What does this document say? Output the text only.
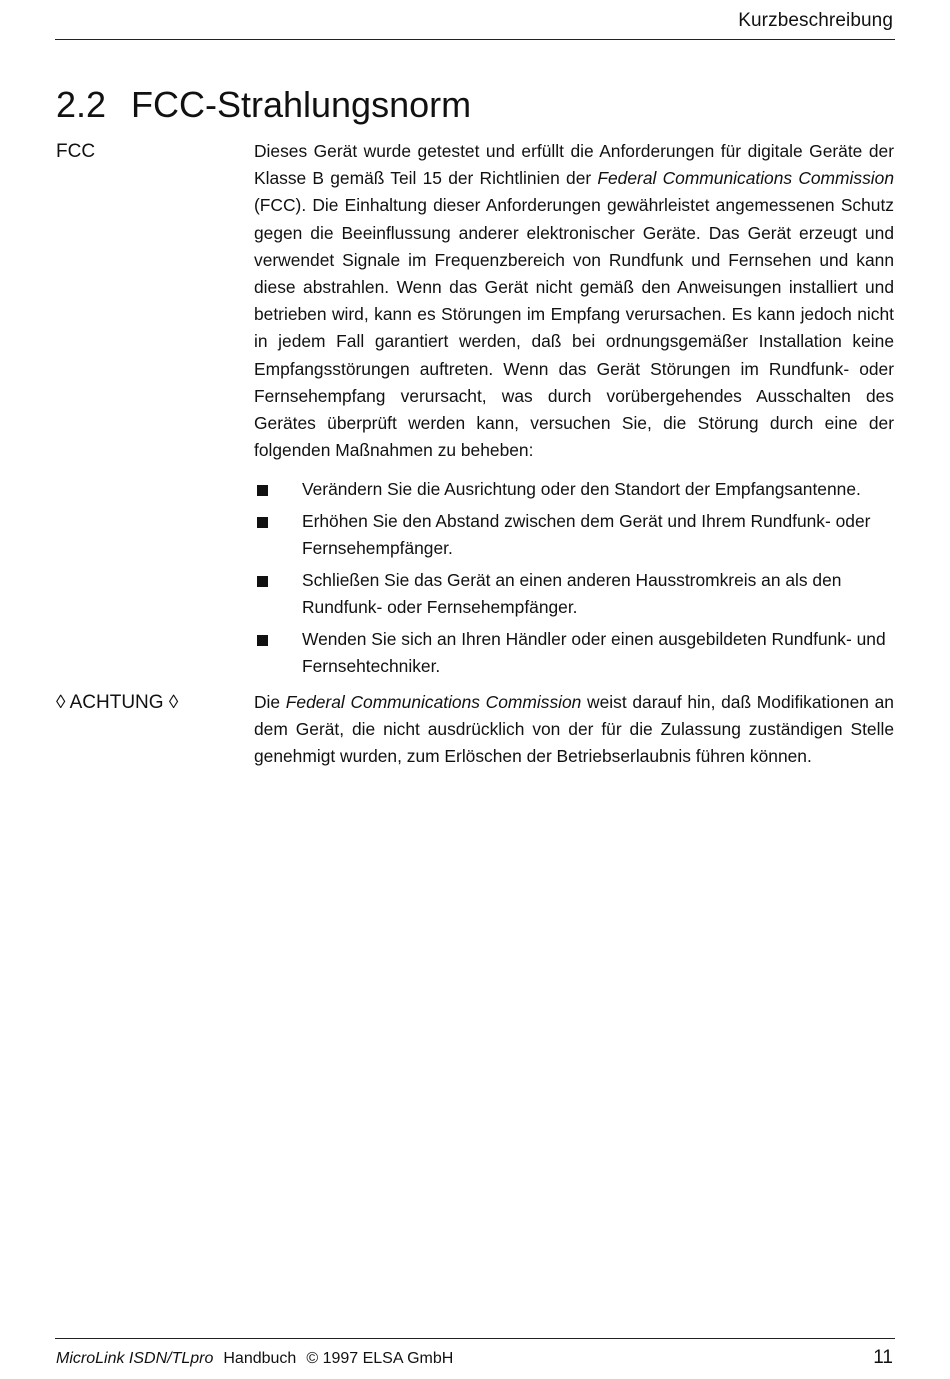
Kurzbeschreibung
2.2 FCC-Strahlungsnorm
FCC	Dieses Gerät wurde getestet und erfüllt die Anforderungen für digitale Geräte der Klasse B gemäß Teil 15 der Richtlinien der Federal Communications Commission (FCC). Die Einhaltung dieser Anforderungen gewährleistet angemessenen Schutz gegen die Beeinflussung anderer elektronischer Geräte. Das Gerät erzeugt und verwendet Signale im Frequenzbereich von Rundfunk und Fernsehen und kann diese abstrahlen. Wenn das Gerät nicht gemäß den Anweisungen installiert und betrieben wird, kann es Störungen im Empfang verursachen. Es kann jedoch nicht in jedem Fall garantiert werden, daß bei ordnungsgemäßer Installation keine Empfangsstörungen auftreten. Wenn das Gerät Störungen im Rundfunk- oder Fernsehempfang verursacht, was durch vorübergehendes Ausschalten des Gerätes überprüft werden kann, versuchen Sie, die Störung durch eine der folgenden Maßnahmen zu beheben:

Verändern Sie die Ausrichtung oder den Standort der Empfangsantenne.
Erhöhen Sie den Abstand zwischen dem Gerät und Ihrem Rundfunk- oder Fernsehempfänger.
Schließen Sie das Gerät an einen anderen Hausstromkreis an als den Rundfunk- oder Fernsehempfänger.
Wenden Sie sich an Ihren Händler oder einen ausgebildeten Rundfunk- und Fernsehtechniker.
◊ ACHTUNG ◊	Die Federal Communications Commission weist darauf hin, daß Modifikationen an dem Gerät, die nicht ausdrücklich von der für die Zulassung zuständigen Stelle genehmigt wurden, zum Erlöschen der Betriebserlaubnis führen können.

MicroLink ISDN/TLpro Handbuch © 1997 ELSA GmbH	11
